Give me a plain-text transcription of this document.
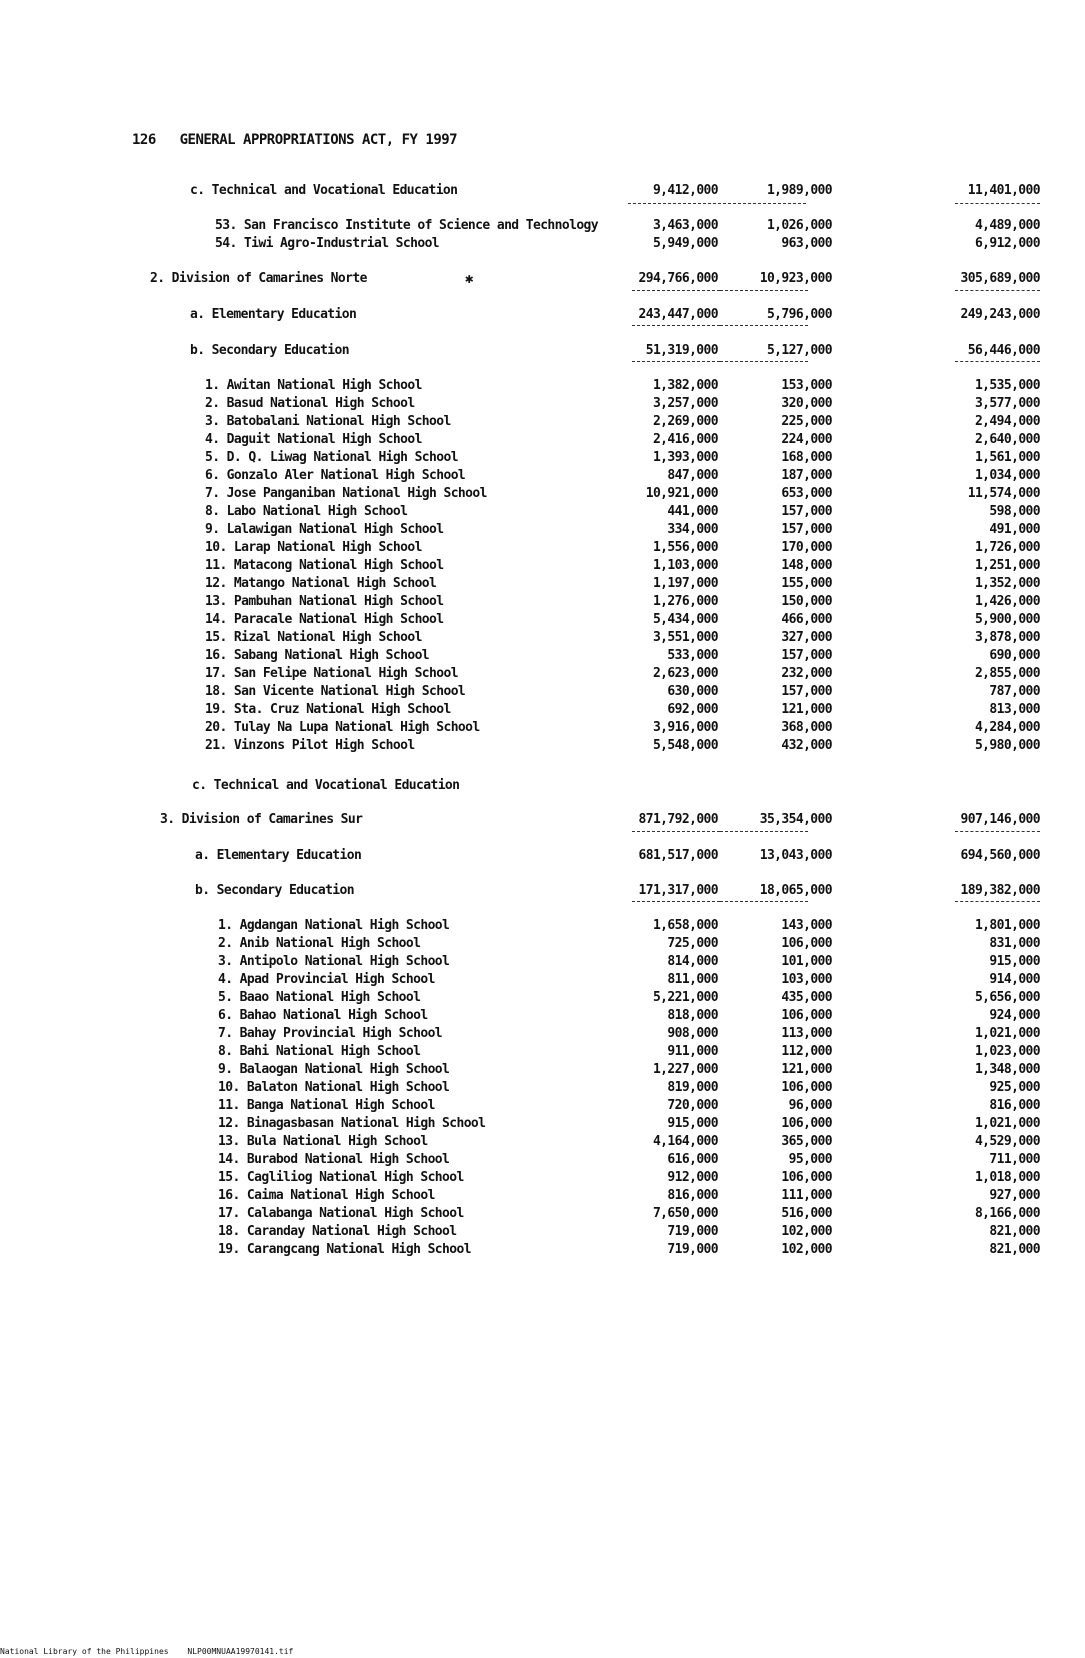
126 GENERAL APPROPRIATIONS ACT, FY 1997
✱
c. Technical and Vocational Education	9,412,000	1,989,000	11,401,000
53. San Francisco Institute of Science and Technology	3,463,000	1,026,000	4,489,000
54. Tiwi Agro-Industrial School	5,949,000	963,000	6,912,000
2. Division of Camarines Norte	294,766,000	10,923,000	305,689,000
a. Elementary Education	243,447,000	5,796,000	249,243,000
b. Secondary Education	51,319,000	5,127,000	56,446,000
1. Awitan National High School	1,382,000	153,000	1,535,000
2. Basud National High School	3,257,000	320,000	3,577,000
3. Batobalani National High School	2,269,000	225,000	2,494,000
4. Daguit National High School	2,416,000	224,000	2,640,000
5. D. Q. Liwag National High School	1,393,000	168,000	1,561,000
6. Gonzalo Aler National High School	847,000	187,000	1,034,000
7. Jose Panganiban National High School	10,921,000	653,000	11,574,000
8. Labo National High School	441,000	157,000	598,000
9. Lalawigan National High School	334,000	157,000	491,000
10. Larap National High School	1,556,000	170,000	1,726,000
11. Matacong National High School	1,103,000	148,000	1,251,000
12. Matango National High School	1,197,000	155,000	1,352,000
13. Pambuhan National High School	1,276,000	150,000	1,426,000
14. Paracale National High School	5,434,000	466,000	5,900,000
15. Rizal National High School	3,551,000	327,000	3,878,000
16. Sabang National High School	533,000	157,000	690,000
17. San Felipe National High School	2,623,000	232,000	2,855,000
18. San Vicente National High School	630,000	157,000	787,000
19. Sta. Cruz National High School	692,000	121,000	813,000
20. Tulay Na Lupa National High School	3,916,000	368,000	4,284,000
21. Vinzons Pilot High School	5,548,000	432,000	5,980,000
c. Technical and Vocational Education
3. Division of Camarines Sur	871,792,000	35,354,000	907,146,000
a. Elementary Education	681,517,000	13,043,000	694,560,000
b. Secondary Education	171,317,000	18,065,000	189,382,000
1. Agdangan National High School	1,658,000	143,000	1,801,000
2. Anib National High School	725,000	106,000	831,000
3. Antipolo National High School	814,000	101,000	915,000
4. Apad Provincial High School	811,000	103,000	914,000
5. Baao National High School	5,221,000	435,000	5,656,000
6. Bahao National High School	818,000	106,000	924,000
7. Bahay Provincial High School	908,000	113,000	1,021,000
8. Bahi National High School	911,000	112,000	1,023,000
9. Balaogan National High School	1,227,000	121,000	1,348,000
10. Balaton National High School	819,000	106,000	925,000
11. Banga National High School	720,000	96,000	816,000
12. Binagasbasan National High School	915,000	106,000	1,021,000
13. Bula National High School	4,164,000	365,000	4,529,000
14. Burabod National High School	616,000	95,000	711,000
15. Cagliliog National High School	912,000	106,000	1,018,000
16. Caima National High School	816,000	111,000	927,000
17. Calabanga National High School	7,650,000	516,000	8,166,000
18. Caranday National High School	719,000	102,000	821,000
19. Carangcang National High School	719,000	102,000	821,000
National Library of the Philippines NLP00MNUAA19970141.tif
